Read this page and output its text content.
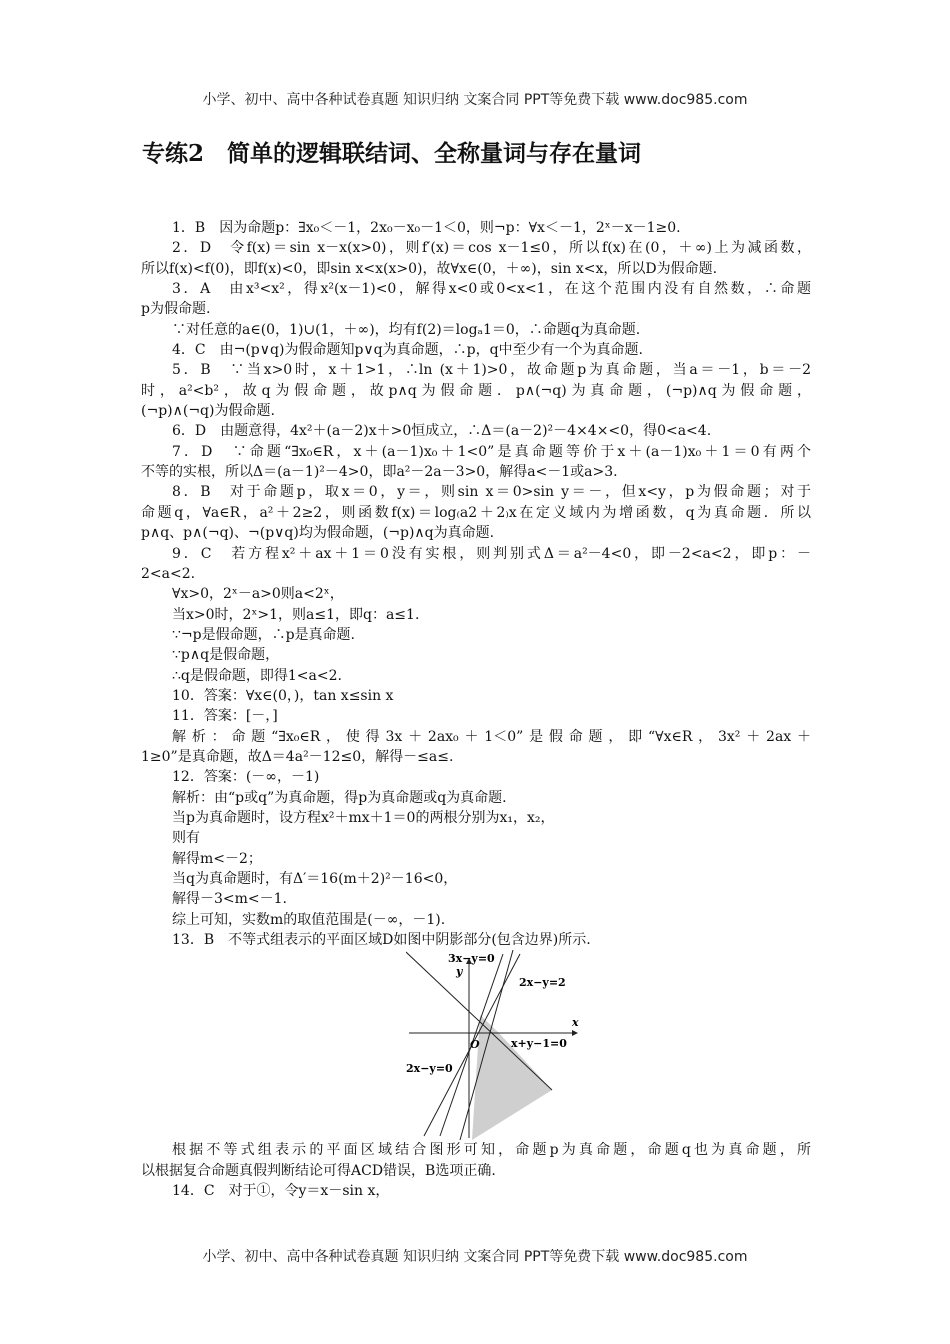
小学、初中、高中各种试卷真题 知识归纳 文案合同 PPT等免费下载 www.doc985.com
专练2　简单的逻辑联结词、全称量词与存在量词
1．B　因为命题p：∃x₀＜－1，2x₀－x₀－1＜0，则¬p：∀x＜－1，2ˣ－x－1≥0.
2．D　令f(x)＝sin x－x(x>0)，则f′(x)＝cos x－1≤0，所以f(x)在(0，＋∞)上为减函数，
所以f(x)<f(0)，即f(x)<0，即sin x<x(x>0)，故∀x∈(0，＋∞)，sin x<x，所以D为假命题.
3．A　由x³<x²，得x²(x－1)<0，解得x<0或0<x<1，在这个范围内没有自然数，∴命题
p为假命题.
∵对任意的a∈(0，1)∪(1，＋∞)，均有f(2)＝logₐ1＝0，∴命题q为真命题.
4．C　由¬(p∨q)为假命题知p∨q为真命题，∴p，q中至少有一个为真命题.
5．B　∵当x>0时，x＋1>1，∴ln (x＋1)>0，故命题p为真命题，当a＝－1，b＝－2
时，a²<b²，故q为假命题，故p∧q为假命题．p∧(¬q)为真命题，(¬p)∧q为假命题，
(¬p)∧(¬q)为假命题.
6．D　由题意得，4x²＋(a－2)x＋>0恒成立，∴Δ＝(a－2)²－4×4×<0，得0<a<4.
7．D　∵命题“∃x₀∈R，x＋(a－1)x₀＋1<0”是真命题等价于x＋(a－1)x₀＋1＝0有两个
不等的实根，所以Δ＝(a－1)²－4>0，即a²－2a－3>0，解得a<－1或a>3.
8．B　对于命题p，取x＝0，y＝，则sin x＝0>sin y＝－，但x<y，p为假命题；对于
命题q，∀a∈R，a²＋2≥2，则函数f(x)＝log₍a2＋2₎x在定义域内为增函数，q为真命题．所以
p∧q、p∧(¬q)、¬(p∨q)均为假命题，(¬p)∧q为真命题.
9．C　若方程x²＋ax＋1＝0没有实根，则判别式Δ＝a²－4<0，即－2<a<2，即p：－
2<a<2.
∀x>0，2ˣ－a>0则a<2ˣ，
当x>0时，2ˣ>1，则a≤1，即q：a≤1.
∵¬p是假命题，∴p是真命题.
∵p∧q是假命题，
∴q是假命题，即得1<a<2.
10．答案：∀x∈(0，)，tan x≤sin x
11．答案：[－，]
解析：命题“∃x₀∈R，使得3x＋2ax₀＋1＜0”是假命题，即“∀x∈R，3x²＋2ax＋
1≥0”是真命题，故Δ＝4a²－12≤0，解得－≤a≤.
12．答案：(－∞，－1)
解析：由“p或q”为真命题，得p为真命题或q为真命题.
当p为真命题时，设方程x²＋mx＋1＝0的两根分别为x₁，x₂，
则有
解得m<－2；
当q为真命题时，有Δ′＝16(m＋2)²－16<0，
解得－3<m<－1.
综上可知，实数m的取值范围是(－∞，－1).
13．B　不等式组表示的平面区域D如图中阴影部分(包含边界)所示.
3x−y=0
y
2x−y=2
O
x
x+y−1=0
2x−y=0
根据不等式组表示的平面区域结合图形可知，命题p为真命题，命题q也为真命题，所
以根据复合命题真假判断结论可得ACD错误，B选项正确.
14．C　对于①，令y＝x－sin x，
小学、初中、高中各种试卷真题 知识归纳 文案合同 PPT等免费下载 www.doc985.com
